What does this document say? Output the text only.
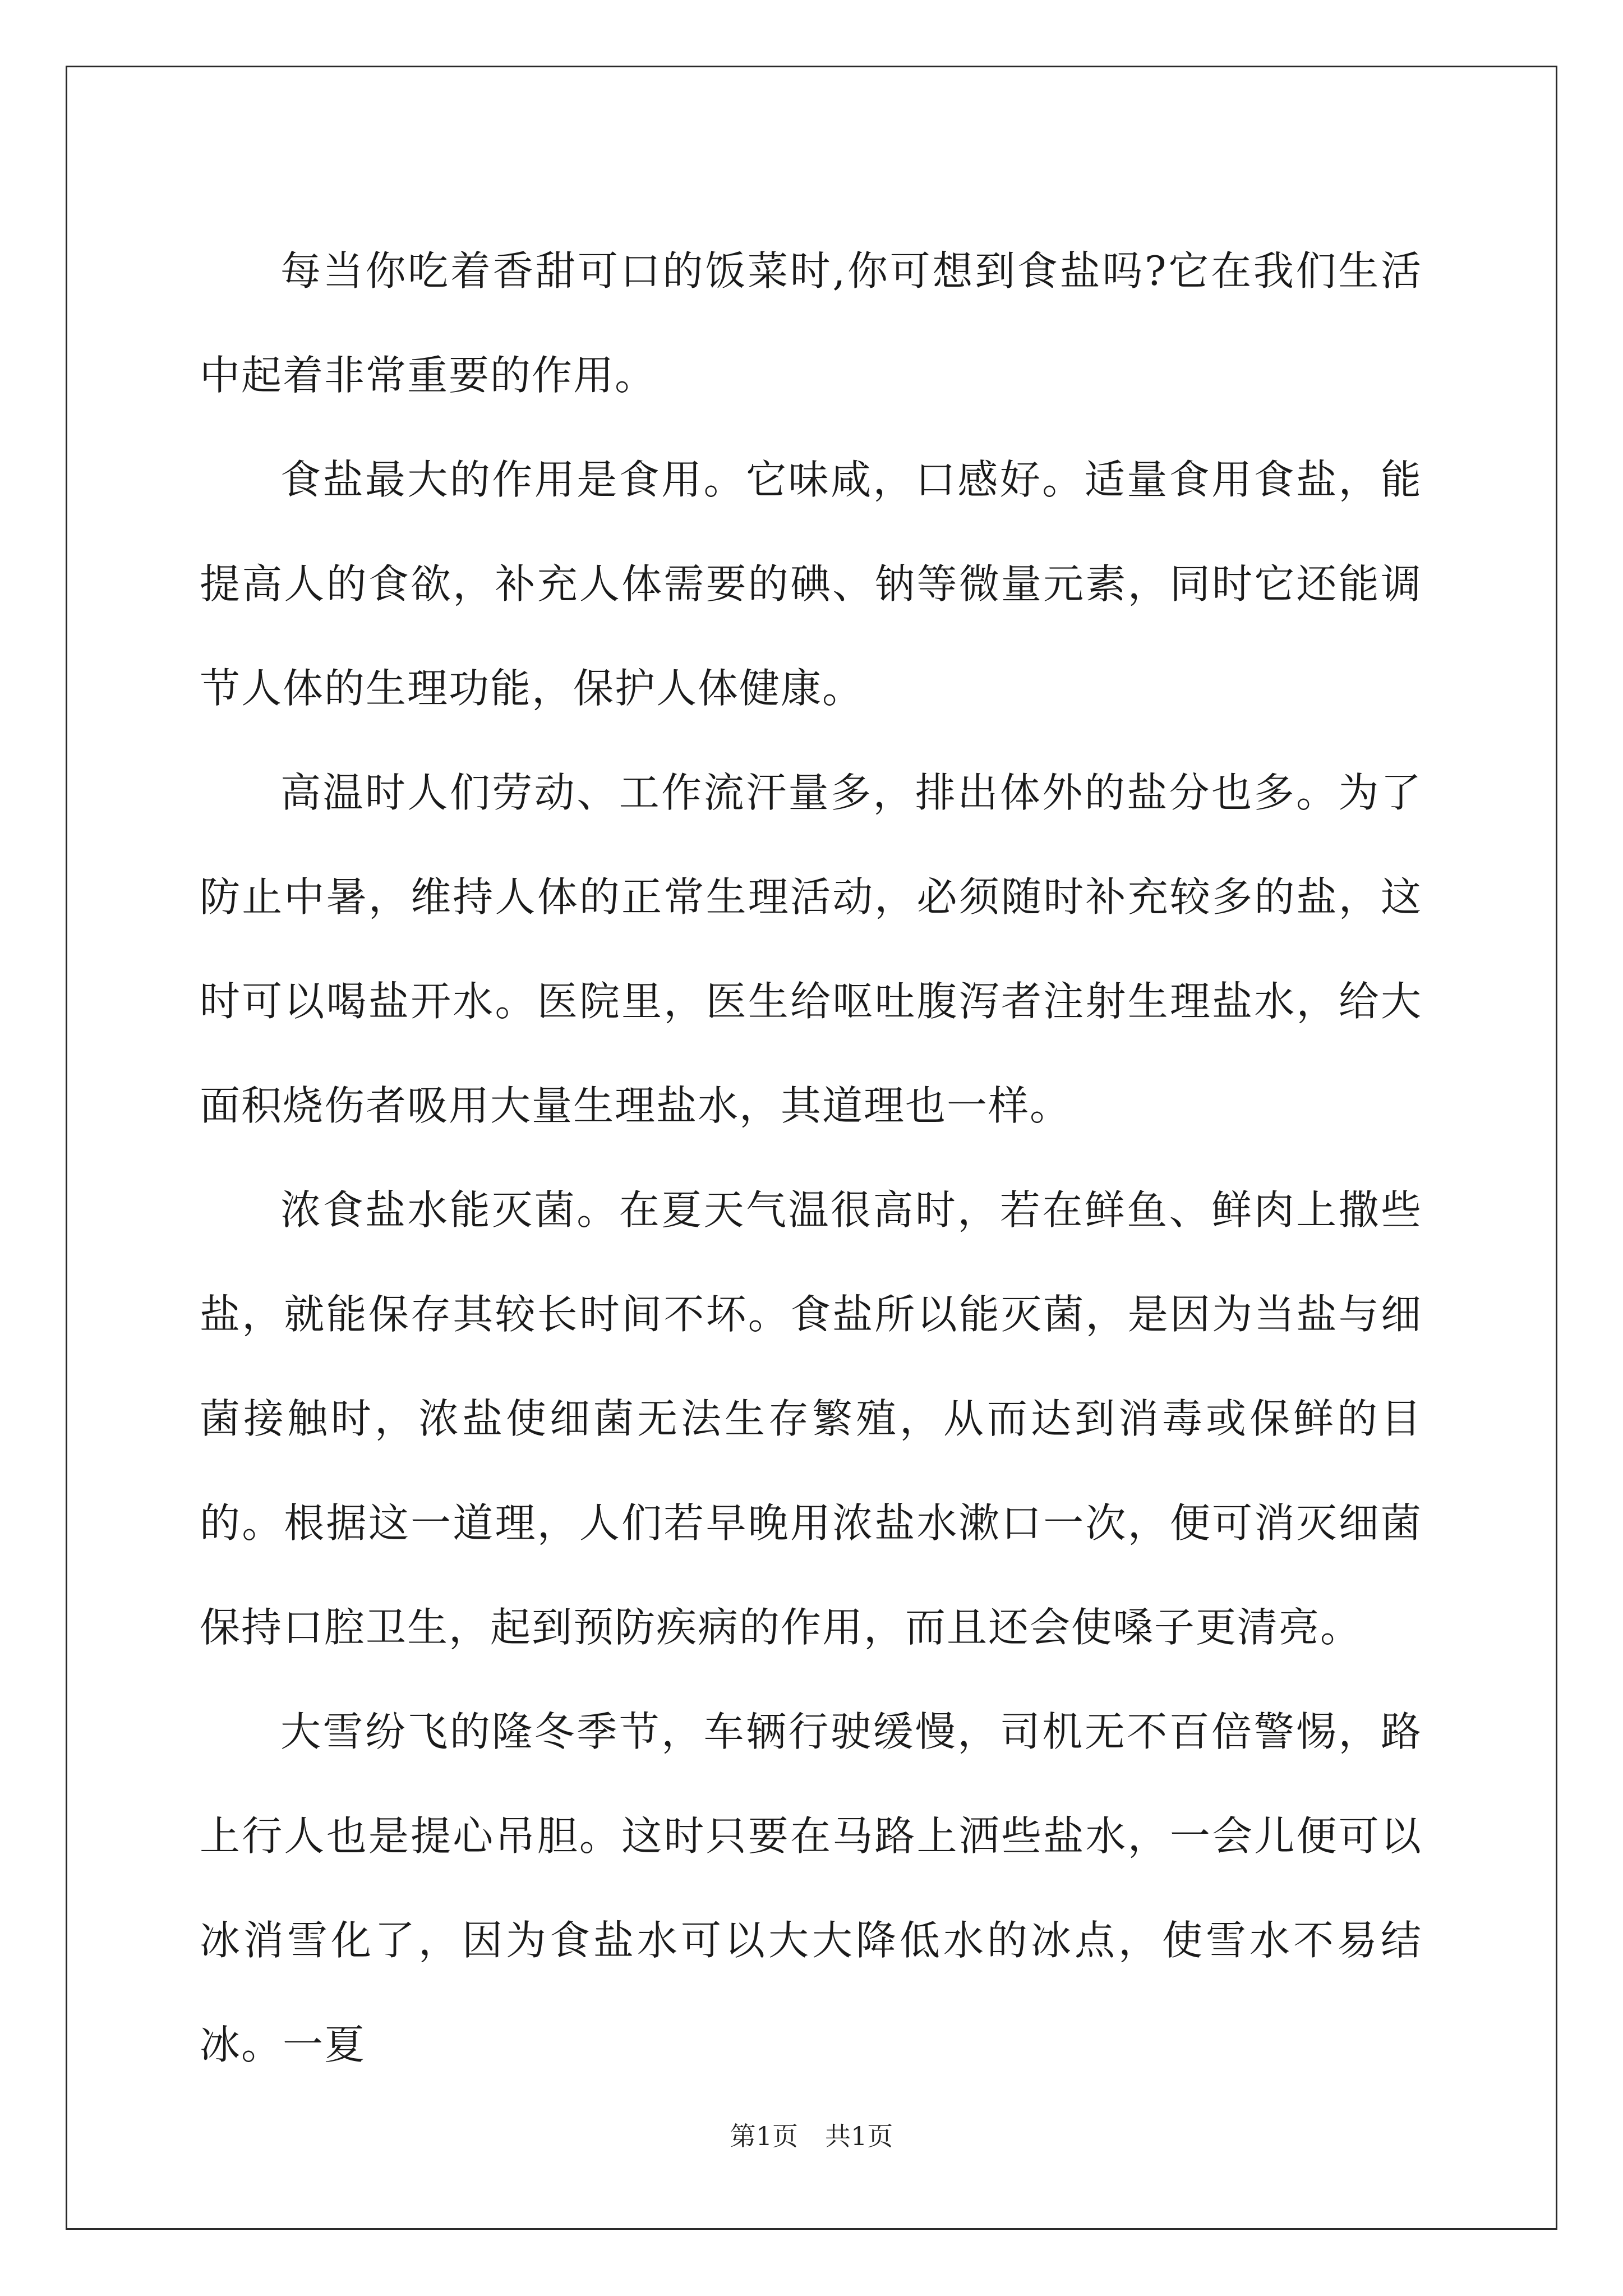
每当你吃着香甜可口的饭菜时,你可想到食盐吗?它在我们生活中起着非常重要的作用。

食盐最大的作用是食用。它味咸，口感好。适量食用食盐，能提高人的食欲，补充人体需要的碘、钠等微量元素，同时它还能调节人体的生理功能，保护人体健康。

高温时人们劳动、工作流汗量多，排出体外的盐分也多。为了防止中暑，维持人体的正常生理活动，必须随时补充较多的盐，这时可以喝盐开水。医院里，医生给呕吐腹泻者注射生理盐水，给大面积烧伤者吸用大量生理盐水，其道理也一样。

浓食盐水能灭菌。在夏天气温很高时，若在鲜鱼、鲜肉上撒些盐，就能保存其较长时间不坏。食盐所以能灭菌，是因为当盐与细菌接触时，浓盐使细菌无法生存繁殖，从而达到消毒或保鲜的目的。根据这一道理，人们若早晚用浓盐水漱口一次，便可消灭细菌保持口腔卫生，起到预防疾病的作用，而且还会使嗓子更清亮。

大雪纷飞的隆冬季节，车辆行驶缓慢，司机无不百倍警惕，路上行人也是提心吊胆。这时只要在马路上洒些盐水，一会儿便可以冰消雪化了，因为食盐水可以大大降低水的冰点，使雪水不易结冰。一夏

第1页 共1页
